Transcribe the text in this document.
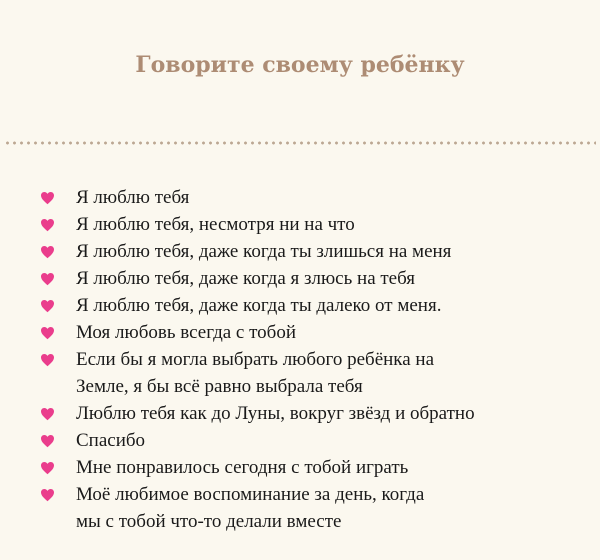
Говорите своему ребёнку
Я люблю тебя
Я люблю тебя, несмотря ни на что
Я люблю тебя, даже когда ты злишься на меня
Я люблю тебя, даже когда я злюсь на тебя
Я люблю тебя, даже когда ты далеко от меня.
Моя любовь всегда с тобой
Если бы я могла выбрать любого ребёнка на
Земле, я бы всё равно выбрала тебя
Люблю тебя как до Луны, вокруг звёзд и обратно
Спасибо
Мне понравилось сегодня с тобой играть
Моё любимое воспоминание за день, когда
мы с тобой что-то делали вместе
